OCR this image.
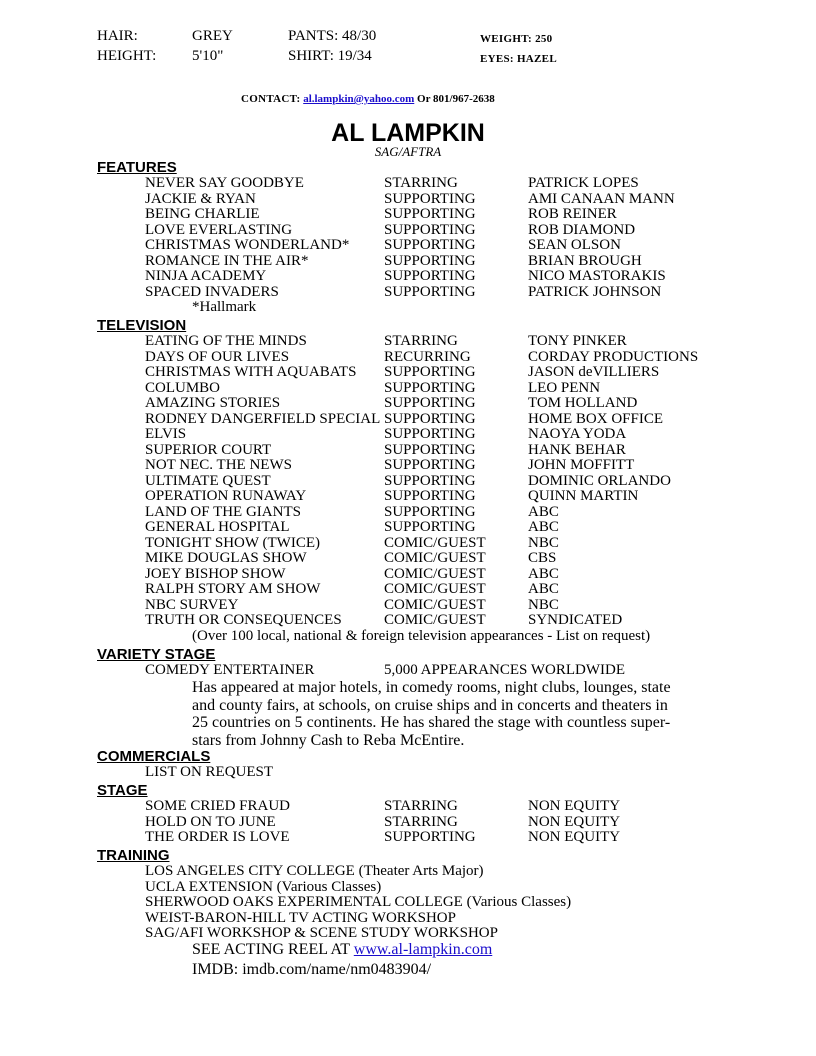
HAIR:	GREY	PANTS: 48/30	WEIGHT: 250
HEIGHT: 5'10"	SHIRT: 19/34	EYES: HAZEL
CONTACT: al.lampkin@yahoo.com Or 801/967-2638
AL LAMPKIN
SAG/AFTRA
FEATURES
NEVER SAY GOODBYE	STARRING	PATRICK LOPES
JACKIE & RYAN	SUPPORTING	AMI CANAAN MANN
BEING CHARLIE	SUPPORTING	ROB REINER
LOVE EVERLASTING	SUPPORTING	ROB DIAMOND
CHRISTMAS WONDERLAND* SUPPORTING	SEAN OLSON
ROMANCE IN THE AIR*	SUPPORTING	BRIAN BROUGH
NINJA ACADEMY	SUPPORTING	NICO MASTORAKIS
SPACED INVADERS	SUPPORTING	PATRICK JOHNSON
*Hallmark
TELEVISION
EATING OF THE MINDS	STARRING	TONY PINKER
DAYS OF OUR LIVES	RECURRING	CORDAY PRODUCTIONS
CHRISTMAS WITH AQUABATS SUPPORTING	JASON deVILLIERS
COLUMBO	SUPPORTING	LEO PENN
AMAZING STORIES	SUPPORTING	TOM HOLLAND
RODNEY DANGERFIELD SPECIAL SUPPORTING	HOME BOX OFFICE
ELVIS	SUPPORTING	NAOYA YODA
SUPERIOR COURT	SUPPORTING	HANK BEHAR
NOT NEC. THE NEWS	SUPPORTING	JOHN MOFFITT
ULTIMATE QUEST	SUPPORTING	DOMINIC ORLANDO
OPERATION RUNAWAY	SUPPORTING	QUINN MARTIN
LAND OF THE GIANTS	SUPPORTING	ABC
GENERAL HOSPITAL	SUPPORTING	ABC
TONIGHT SHOW (TWICE)	COMIC/GUEST	NBC
MIKE DOUGLAS SHOW	COMIC/GUEST	CBS
JOEY BISHOP SHOW	COMIC/GUEST	ABC
RALPH STORY AM SHOW	COMIC/GUEST	ABC
NBC SURVEY	COMIC/GUEST	NBC
TRUTH OR CONSEQUENCES	COMIC/GUEST	SYNDICATED
(Over 100 local, national & foreign television appearances - List on request)
VARIETY STAGE
COMEDY ENTERTAINER	5,000 APPEARANCES WORLDWIDE
Has appeared at major hotels, in comedy rooms, night clubs, lounges, state
and county fairs, at schools, on cruise ships and in concerts and theaters in
25 countries on 5 continents. He has shared the stage with countless super-
stars from Johnny Cash to Reba McEntire.
COMMERCIALS
LIST ON REQUEST
STAGE
SOME CRIED FRAUD	STARRING	NON EQUITY
HOLD ON TO JUNE	STARRING	NON EQUITY
THE ORDER IS LOVE	SUPPORTING	NON EQUITY
TRAINING
LOS ANGELES CITY COLLEGE (Theater Arts Major)
UCLA EXTENSION (Various Classes)
SHERWOOD OAKS EXPERIMENTAL COLLEGE (Various Classes)
WEIST-BARON-HILL TV ACTING WORKSHOP
SAG/AFI WORKSHOP & SCENE STUDY WORKSHOP
SEE ACTING REEL AT www.al-lampkin.com
IMDB: imdb.com/name/nm0483904/
